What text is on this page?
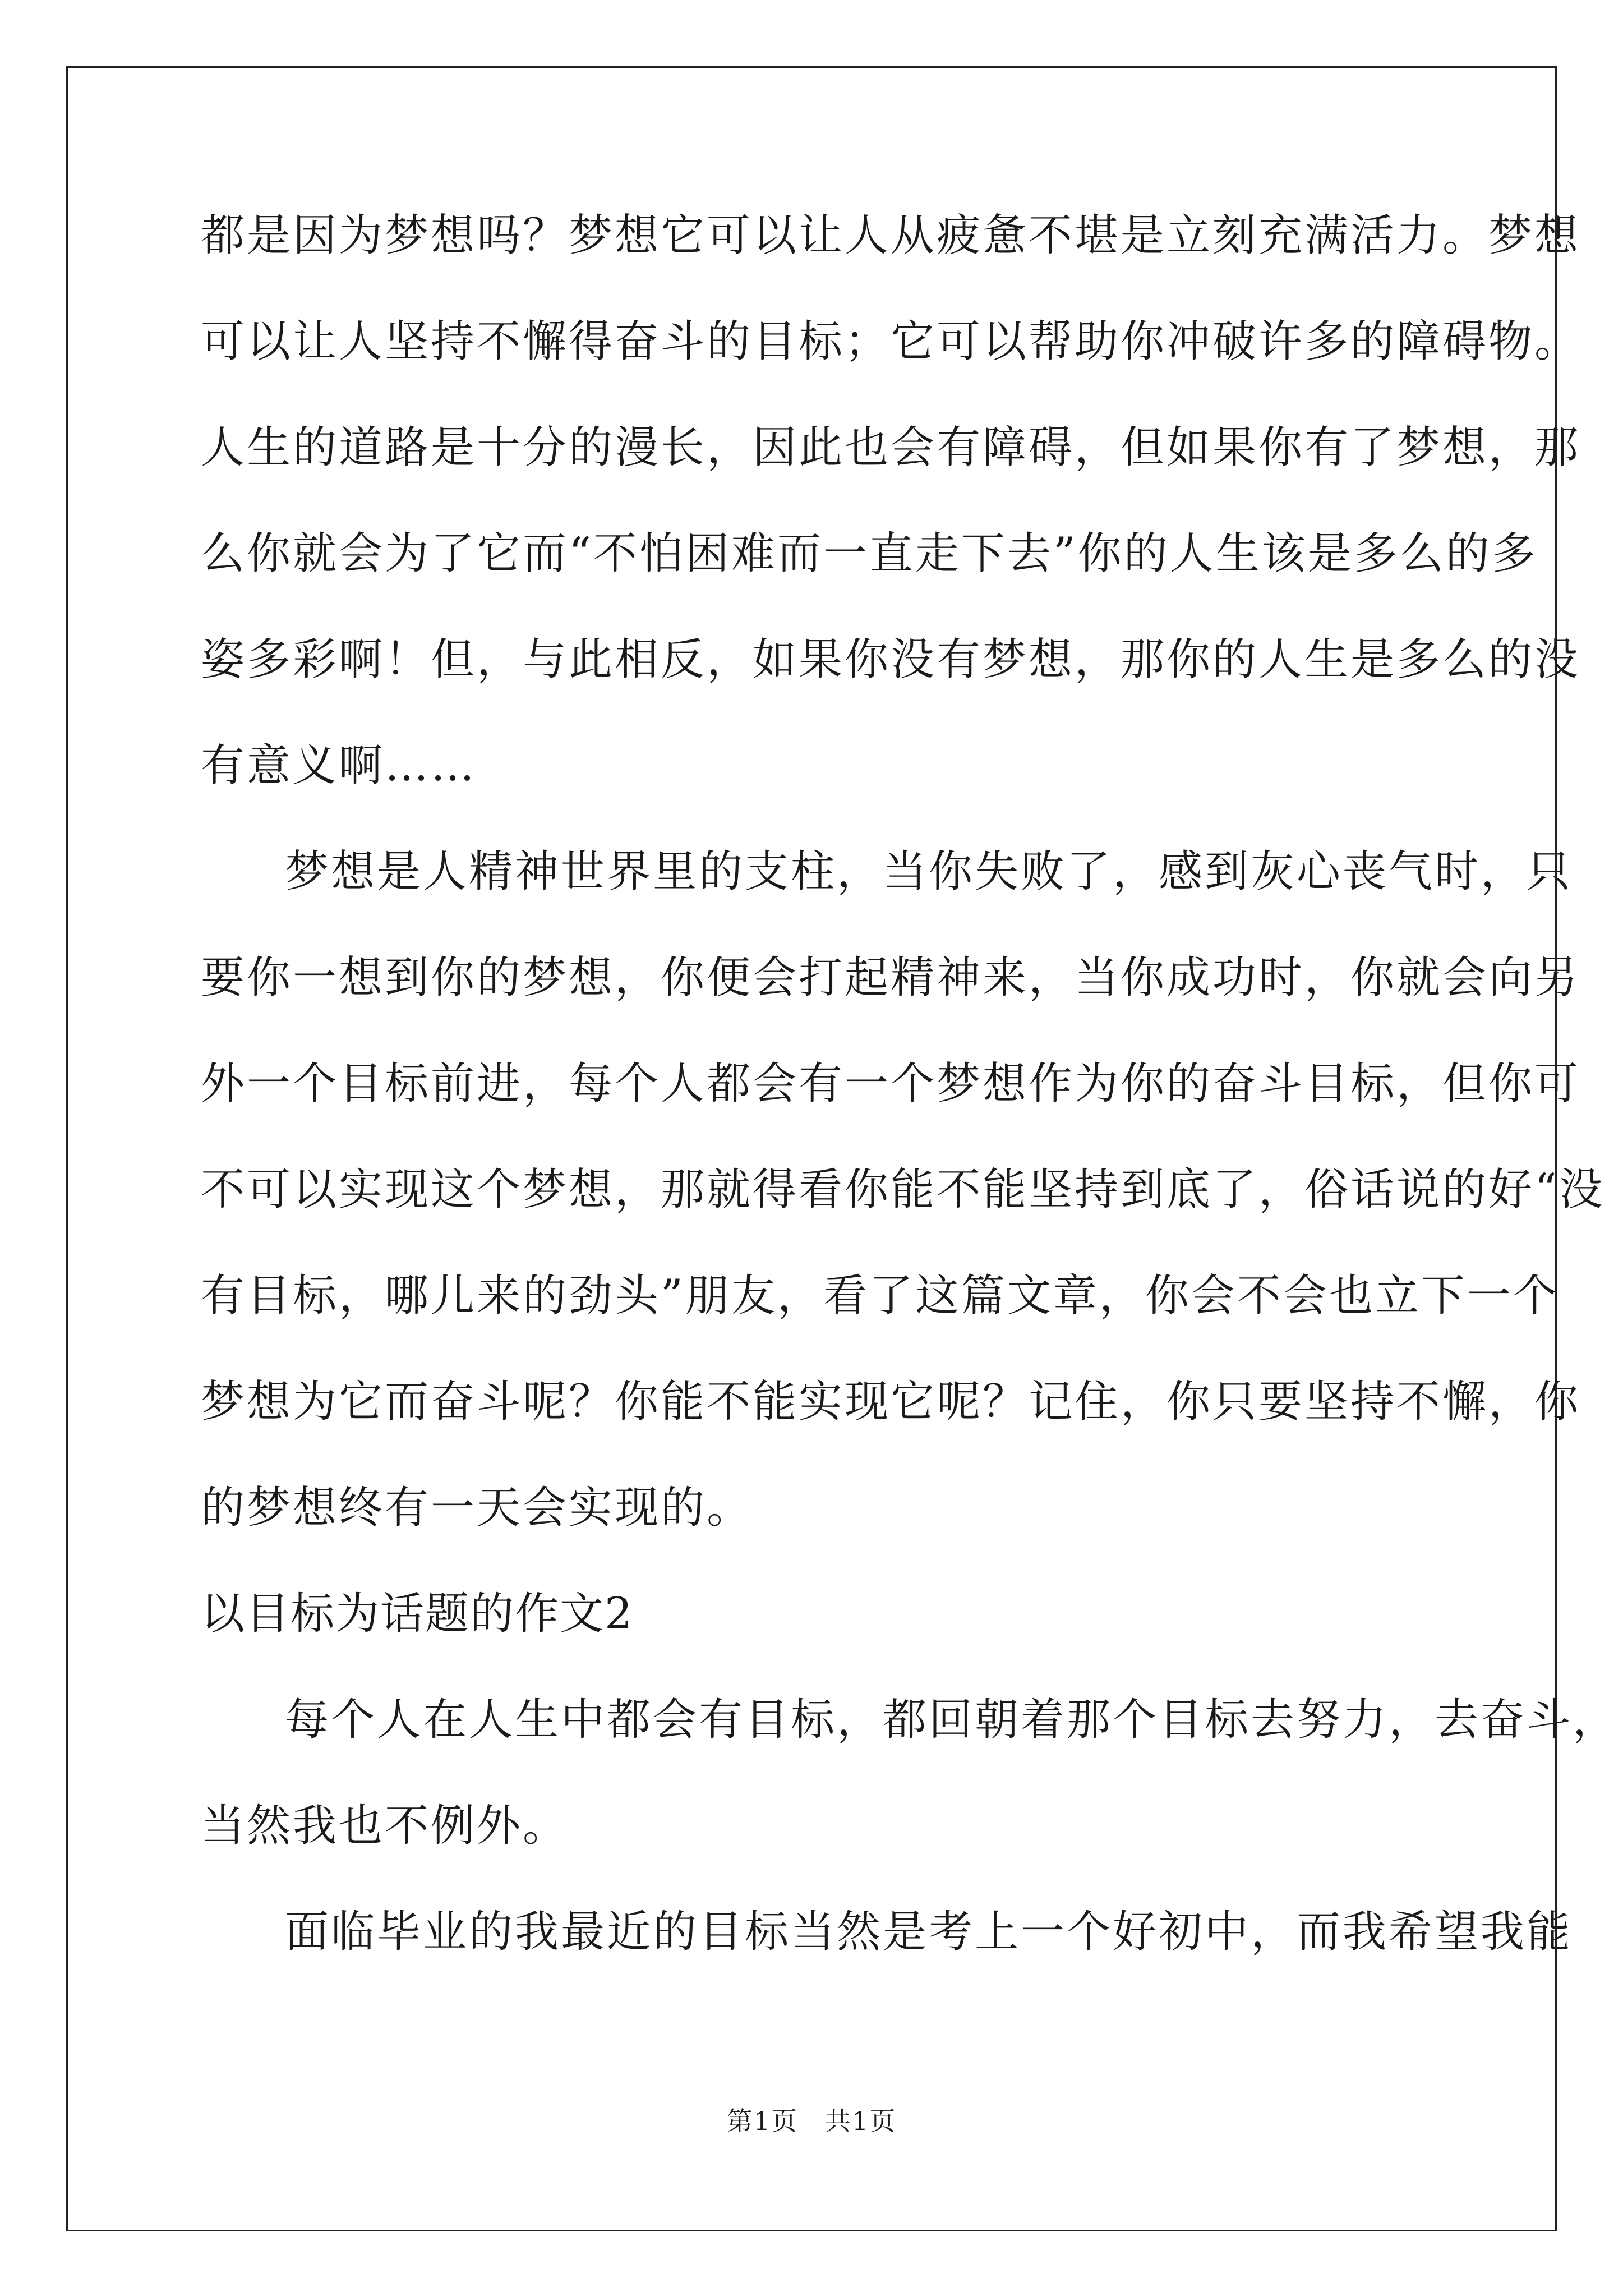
都是因为梦想吗？梦想它可以让人从疲惫不堪是立刻充满活力。梦想
可以让人坚持不懈得奋斗的目标；它可以帮助你冲破许多的障碍物。
人生的道路是十分的漫长，因此也会有障碍，但如果你有了梦想，那
么你就会为了它而“不怕困难而一直走下去”你的人生该是多么的多
姿多彩啊！但，与此相反，如果你没有梦想，那你的人生是多么的没
有意义啊……
梦想是人精神世界里的支柱，当你失败了，感到灰心丧气时，只
要你一想到你的梦想，你便会打起精神来，当你成功时，你就会向另
外一个目标前进，每个人都会有一个梦想作为你的奋斗目标，但你可
不可以实现这个梦想，那就得看你能不能坚持到底了，俗话说的好“没
有目标，哪儿来的劲头”朋友，看了这篇文章，你会不会也立下一个
梦想为它而奋斗呢？你能不能实现它呢？记住，你只要坚持不懈，你
的梦想终有一天会实现的。
以目标为话题的作文2
每个人在人生中都会有目标，都回朝着那个目标去努力，去奋斗，
当然我也不例外。
面临毕业的我最近的目标当然是考上一个好初中，而我希望我能
第1页　共1页
